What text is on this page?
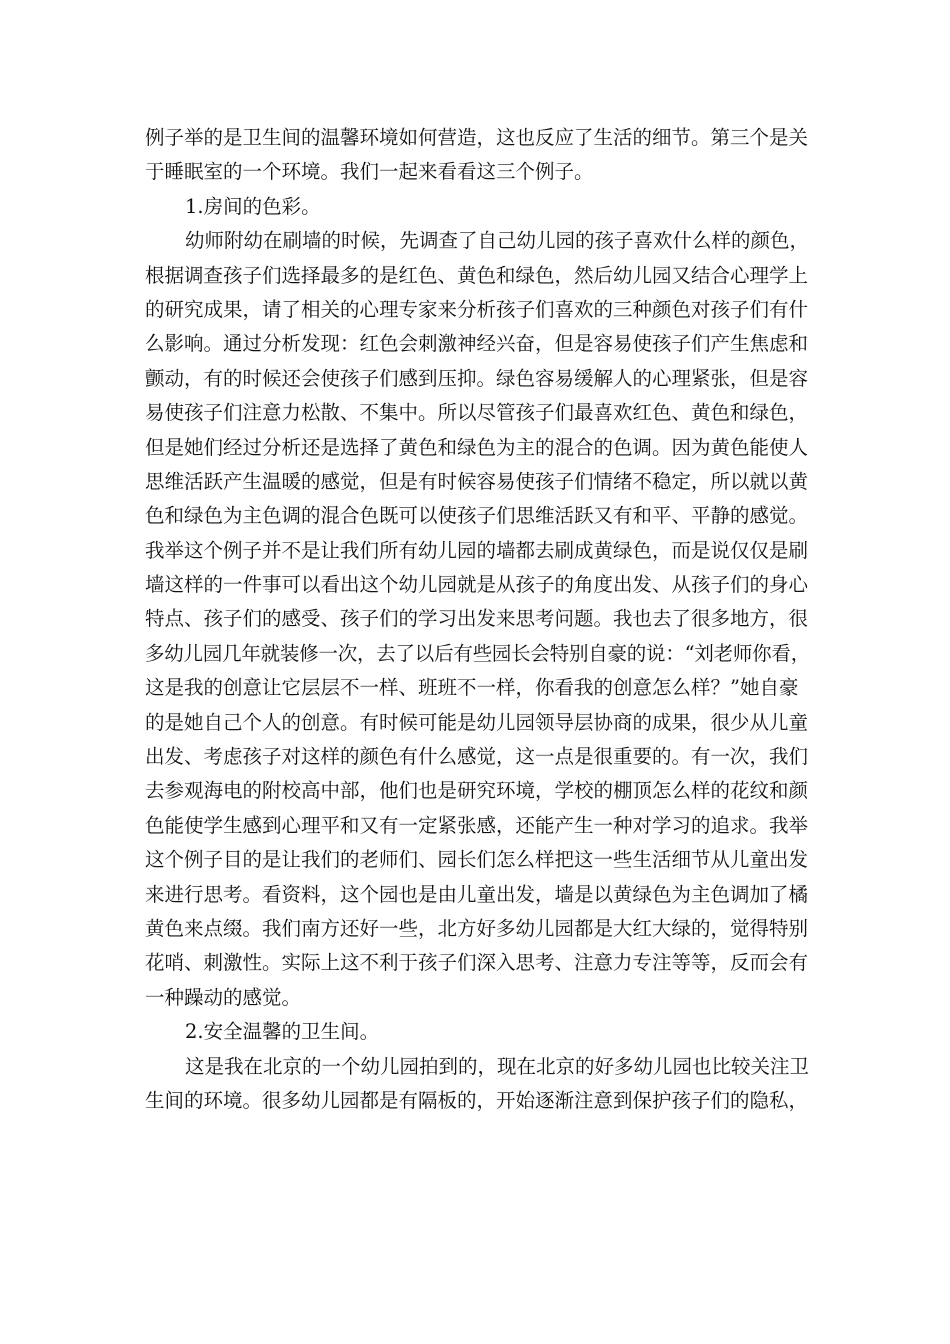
例子举的是卫生间的温馨环境如何营造，这也反应了生活的细节。第三个是关
于睡眠室的一个环境。我们一起来看看这三个例子。
1.房间的色彩。
幼师附幼在刷墙的时候，先调查了自己幼儿园的孩子喜欢什么样的颜色，
根据调查孩子们选择最多的是红色、黄色和绿色，然后幼儿园又结合心理学上
的研究成果，请了相关的心理专家来分析孩子们喜欢的三种颜色对孩子们有什
么影响。通过分析发现：红色会刺激神经兴奋，但是容易使孩子们产生焦虑和
颤动，有的时候还会使孩子们感到压抑。绿色容易缓解人的心理紧张，但是容
易使孩子们注意力松散、不集中。所以尽管孩子们最喜欢红色、黄色和绿色，
但是她们经过分析还是选择了黄色和绿色为主的混合的色调。因为黄色能使人
思维活跃产生温暖的感觉，但是有时候容易使孩子们情绪不稳定，所以就以黄
色和绿色为主色调的混合色既可以使孩子们思维活跃又有和平、平静的感觉。
我举这个例子并不是让我们所有幼儿园的墙都去刷成黄绿色，而是说仅仅是刷
墙这样的一件事可以看出这个幼儿园就是从孩子的角度出发、从孩子们的身心
特点、孩子们的感受、孩子们的学习出发来思考问题。我也去了很多地方，很
多幼儿园几年就装修一次，去了以后有些园长会特别自豪的说：“刘老师你看，
这是我的创意让它层层不一样、班班不一样，你看我的创意怎么样？”她自豪
的是她自己个人的创意。有时候可能是幼儿园领导层协商的成果，很少从儿童
出发、考虑孩子对这样的颜色有什么感觉，这一点是很重要的。有一次，我们
去参观海电的附校高中部，他们也是研究环境，学校的棚顶怎么样的花纹和颜
色能使学生感到心理平和又有一定紧张感，还能产生一种对学习的追求。我举
这个例子目的是让我们的老师们、园长们怎么样把这一些生活细节从儿童出发
来进行思考。看资料，这个园也是由儿童出发，墙是以黄绿色为主色调加了橘
黄色来点缀。我们南方还好一些，北方好多幼儿园都是大红大绿的，觉得特别
花哨、刺激性。实际上这不利于孩子们深入思考、注意力专注等等，反而会有
一种躁动的感觉。
2.安全温馨的卫生间。
这是我在北京的一个幼儿园拍到的，现在北京的好多幼儿园也比较关注卫
生间的环境。很多幼儿园都是有隔板的，开始逐渐注意到保护孩子们的隐私，
